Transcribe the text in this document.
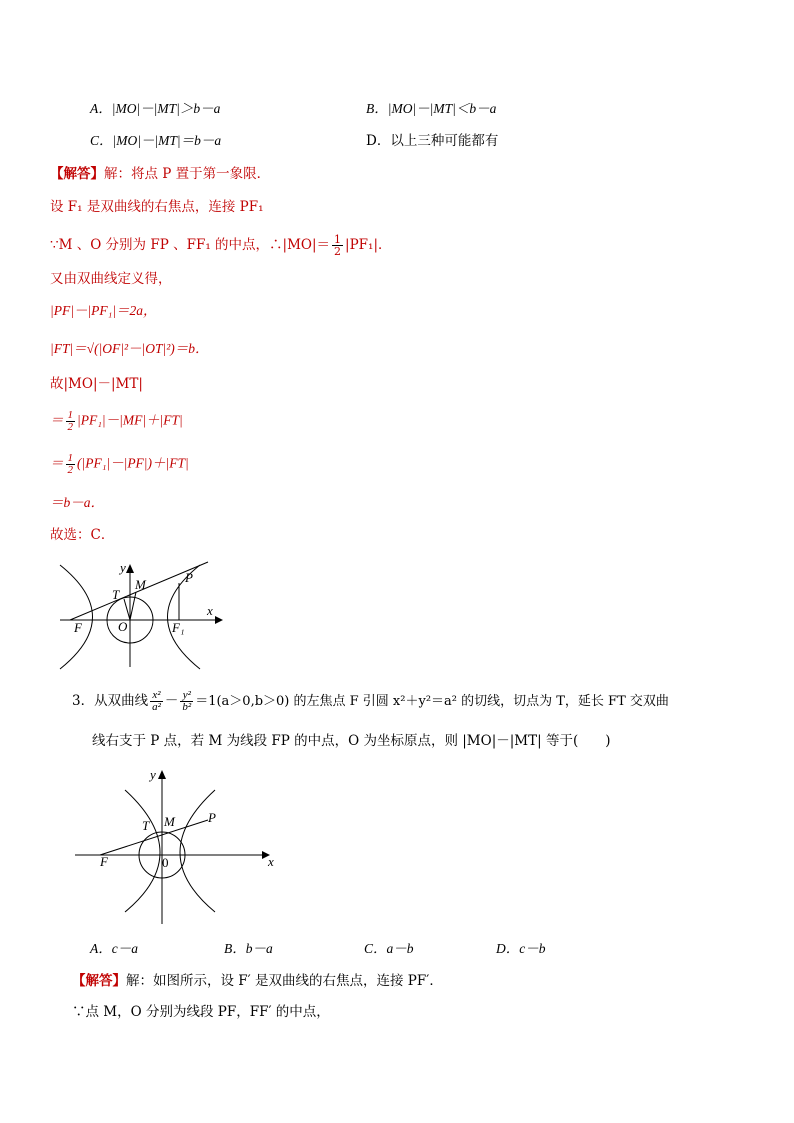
A．|MO|－|MT|＞b－a	B．|MO|－|MT|＜b－a
C．|MO|－|MT|＝b－a	D．以上三种可能都有
【解答】解：将点 P 置于第一象限．
设 F₁ 是双曲线的右焦点，连接 PF₁
∵M 、O 分别为 FP 、FF₁ 的中点，∴|MO|＝ $\frac{1}{2} |PF_1|$．
又由双曲线定义得，
|PF|－|PF₁|＝2a，
|FT|＝√(|OF|²－|OT|²)＝b．
故|MO|－|MT|
＝ $\frac{1}{2} |PF_1|-|MF|+|FT|$
＝ $\frac{1}{2} (|PF_1|-|PF|)+|FT|$
＝b－a．
故选：C．
F	O	F₁
T
M	P
x
y
3．从双曲线 $\frac{\text{x²}}{\text{a²}} - \frac{\text{y²}}{\text{b²}} =1(a>0,b>0)$ 的左焦点 F 引圆 x²＋y²＝a² 的切线，切点为 T，延长 FT 交双曲
线右支于 P 点，若 M 为线段 FP 的中点，O 为坐标原点，则 |MO|－|MT| 等于(　　)
F	0
T M	P
x
y
A．c－a	B．b－a	C．a－b	D．c－b
【解答】解：如图所示，设 F′ 是双曲线的右焦点，连接 PF′．
∵点 M，O 分别为线段 PF，FF′ 的中点，
